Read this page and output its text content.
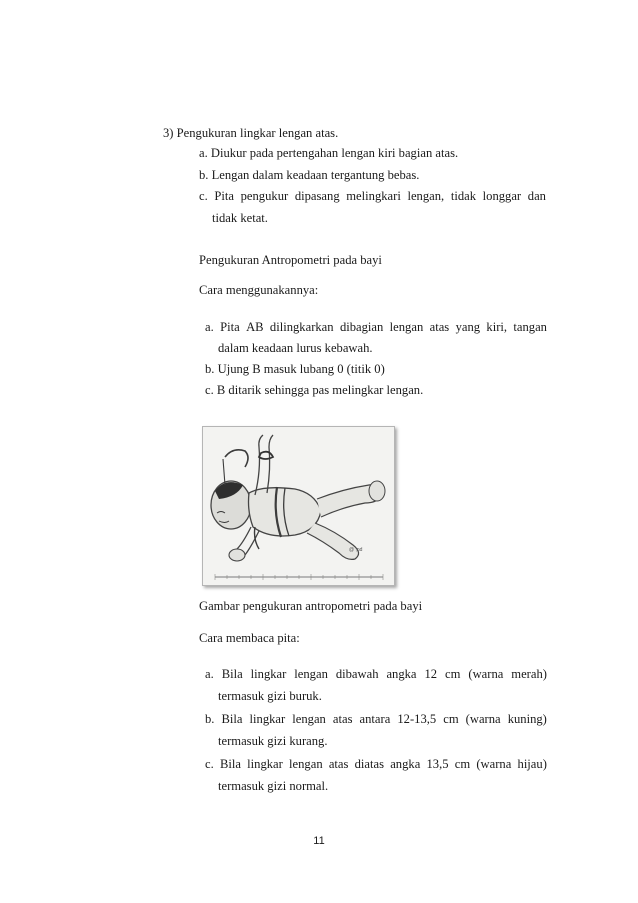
3) Pengukuran lingkar lengan atas.
a. Diukur pada pertengahan lengan kiri bagian atas.
b. Lengan dalam keadaan tergantung bebas.
c. Pita pengukur dipasang melingkari lengan, tidak longgar dan
tidak ketat.
Pengukuran Antropometri pada bayi
Cara menggunakannya:
a. Pita AB dilingkarkan dibagian lengan atas yang kiri, tangan
dalam keadaan lurus kebawah.
b. Ujung B masuk lubang 0 (titik 0)
c. B ditarik sehingga pas melingkar lengan.
@ ;nd
Gambar pengukuran antropometri pada bayi
Cara membaca pita:
a. Bila lingkar lengan dibawah angka 12 cm (warna merah)
termasuk gizi buruk.
b. Bila lingkar lengan atas antara 12-13,5 cm (warna kuning)
termasuk gizi kurang.
c. Bila lingkar lengan atas diatas angka 13,5 cm (warna hijau)
termasuk gizi normal.
11
